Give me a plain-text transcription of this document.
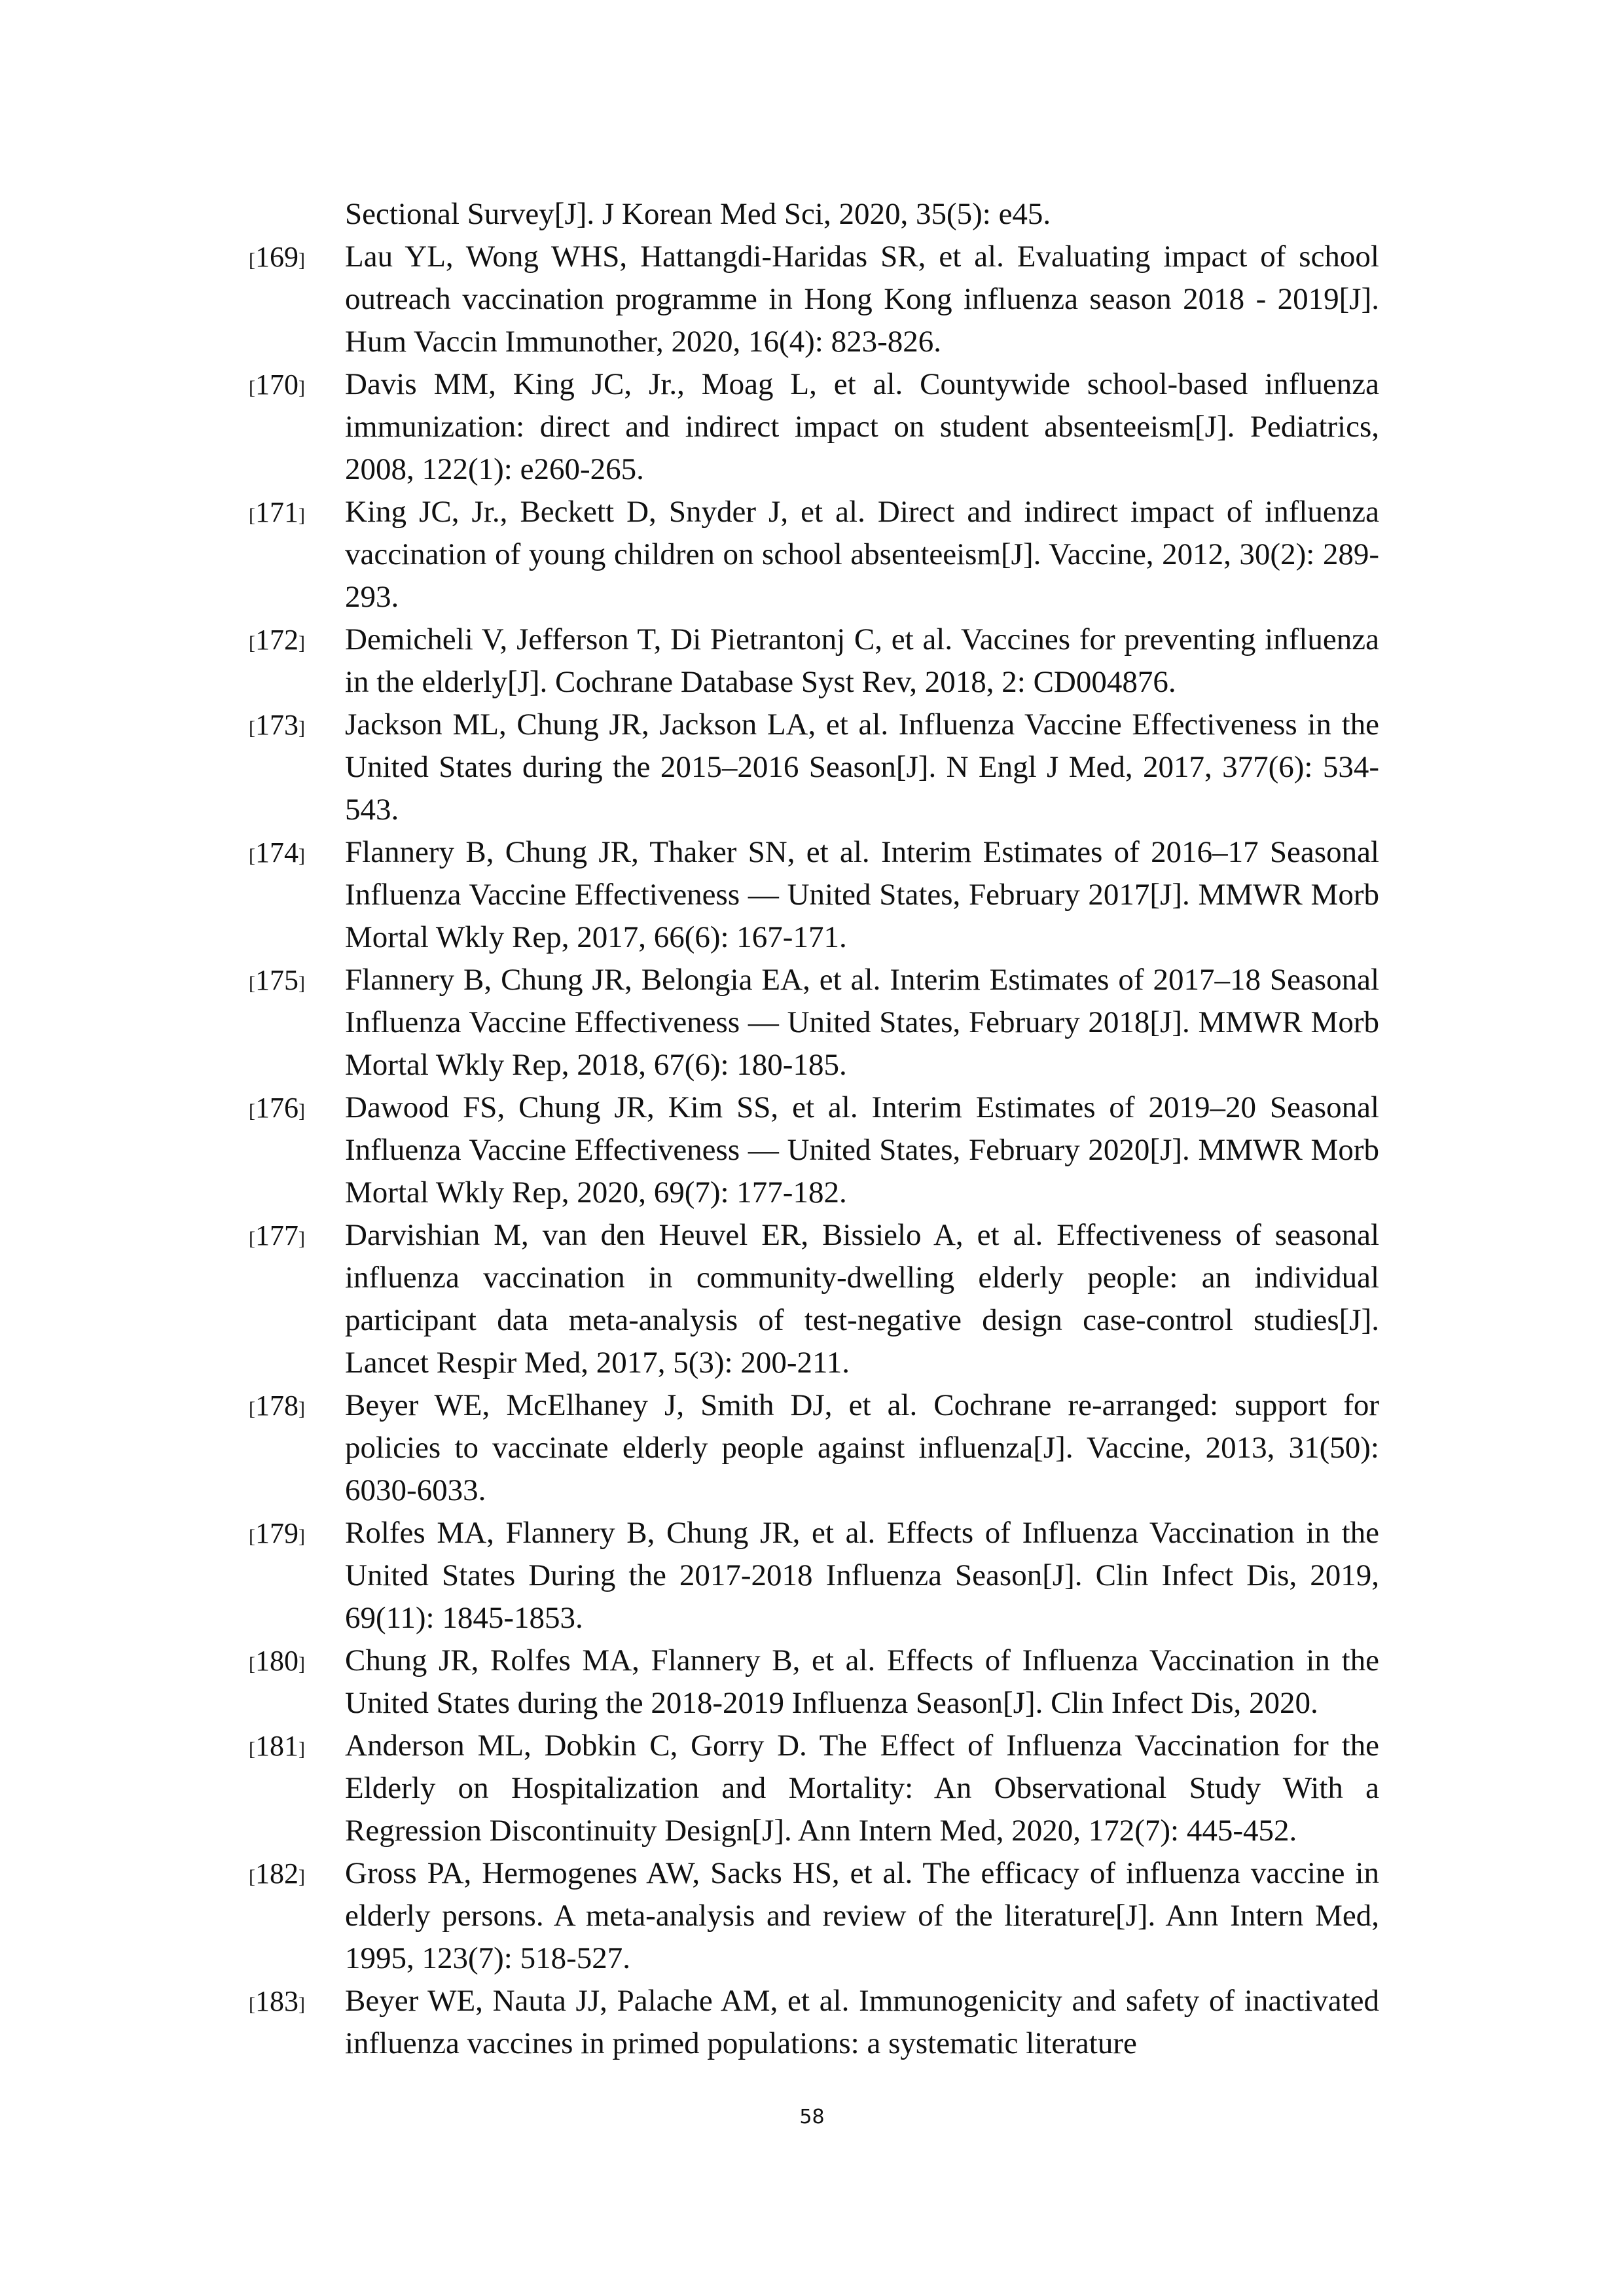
Sectional Survey[J]. J Korean Med Sci, 2020, 35(5): e45.
[169]	Lau YL, Wong WHS, Hattangdi-Haridas SR, et al. Evaluating impact of school outreach vaccination programme in Hong Kong influenza season 2018 - 2019[J]. Hum Vaccin Immunother, 2020, 16(4): 823-826.
[170]	Davis MM, King JC, Jr., Moag L, et al. Countywide school-based influenza immunization: direct and indirect impact on student absenteeism[J]. Pediatrics, 2008, 122(1): e260-265.
[171]	King JC, Jr., Beckett D, Snyder J, et al. Direct and indirect impact of influenza vaccination of young children on school absenteeism[J]. Vaccine, 2012, 30(2): 289-293.
[172]	Demicheli V, Jefferson T, Di Pietrantonj C, et al. Vaccines for preventing influenza in the elderly[J]. Cochrane Database Syst Rev, 2018, 2: CD004876.
[173]	Jackson ML, Chung JR, Jackson LA, et al. Influenza Vaccine Effectiveness in the United States during the 2015–2016 Season[J]. N Engl J Med, 2017, 377(6): 534-543.
[174]	Flannery B, Chung JR, Thaker SN, et al. Interim Estimates of 2016–17 Seasonal Influenza Vaccine Effectiveness — United States, February 2017[J]. MMWR Morb Mortal Wkly Rep, 2017, 66(6): 167-171.
[175]	Flannery B, Chung JR, Belongia EA, et al. Interim Estimates of 2017–18 Seasonal Influenza Vaccine Effectiveness — United States, February 2018[J]. MMWR Morb Mortal Wkly Rep, 2018, 67(6): 180-185.
[176]	Dawood FS, Chung JR, Kim SS, et al. Interim Estimates of 2019–20 Seasonal Influenza Vaccine Effectiveness — United States, February 2020[J]. MMWR Morb Mortal Wkly Rep, 2020, 69(7): 177-182.
[177]	Darvishian M, van den Heuvel ER, Bissielo A, et al. Effectiveness of seasonal influenza vaccination in community-dwelling elderly people: an individual participant data meta-analysis of test-negative design case-control studies[J]. Lancet Respir Med, 2017, 5(3): 200-211.
[178]	Beyer WE, McElhaney J, Smith DJ, et al. Cochrane re-arranged: support for policies to vaccinate elderly people against influenza[J]. Vaccine, 2013, 31(50): 6030-6033.
[179]	Rolfes MA, Flannery B, Chung JR, et al. Effects of Influenza Vaccination in the United States During the 2017-2018 Influenza Season[J]. Clin Infect Dis, 2019, 69(11): 1845-1853.
[180]	Chung JR, Rolfes MA, Flannery B, et al. Effects of Influenza Vaccination in the United States during the 2018-2019 Influenza Season[J]. Clin Infect Dis, 2020.
[181]	Anderson ML, Dobkin C, Gorry D. The Effect of Influenza Vaccination for the Elderly on Hospitalization and Mortality: An Observational Study With a Regression Discontinuity Design[J]. Ann Intern Med, 2020, 172(7): 445-452.
[182]	Gross PA, Hermogenes AW, Sacks HS, et al. The efficacy of influenza vaccine in elderly persons. A meta-analysis and review of the literature[J]. Ann Intern Med, 1995, 123(7): 518-527.
[183]	Beyer WE, Nauta JJ, Palache AM, et al. Immunogenicity and safety of inactivated influenza vaccines in primed populations: a systematic literature
58
